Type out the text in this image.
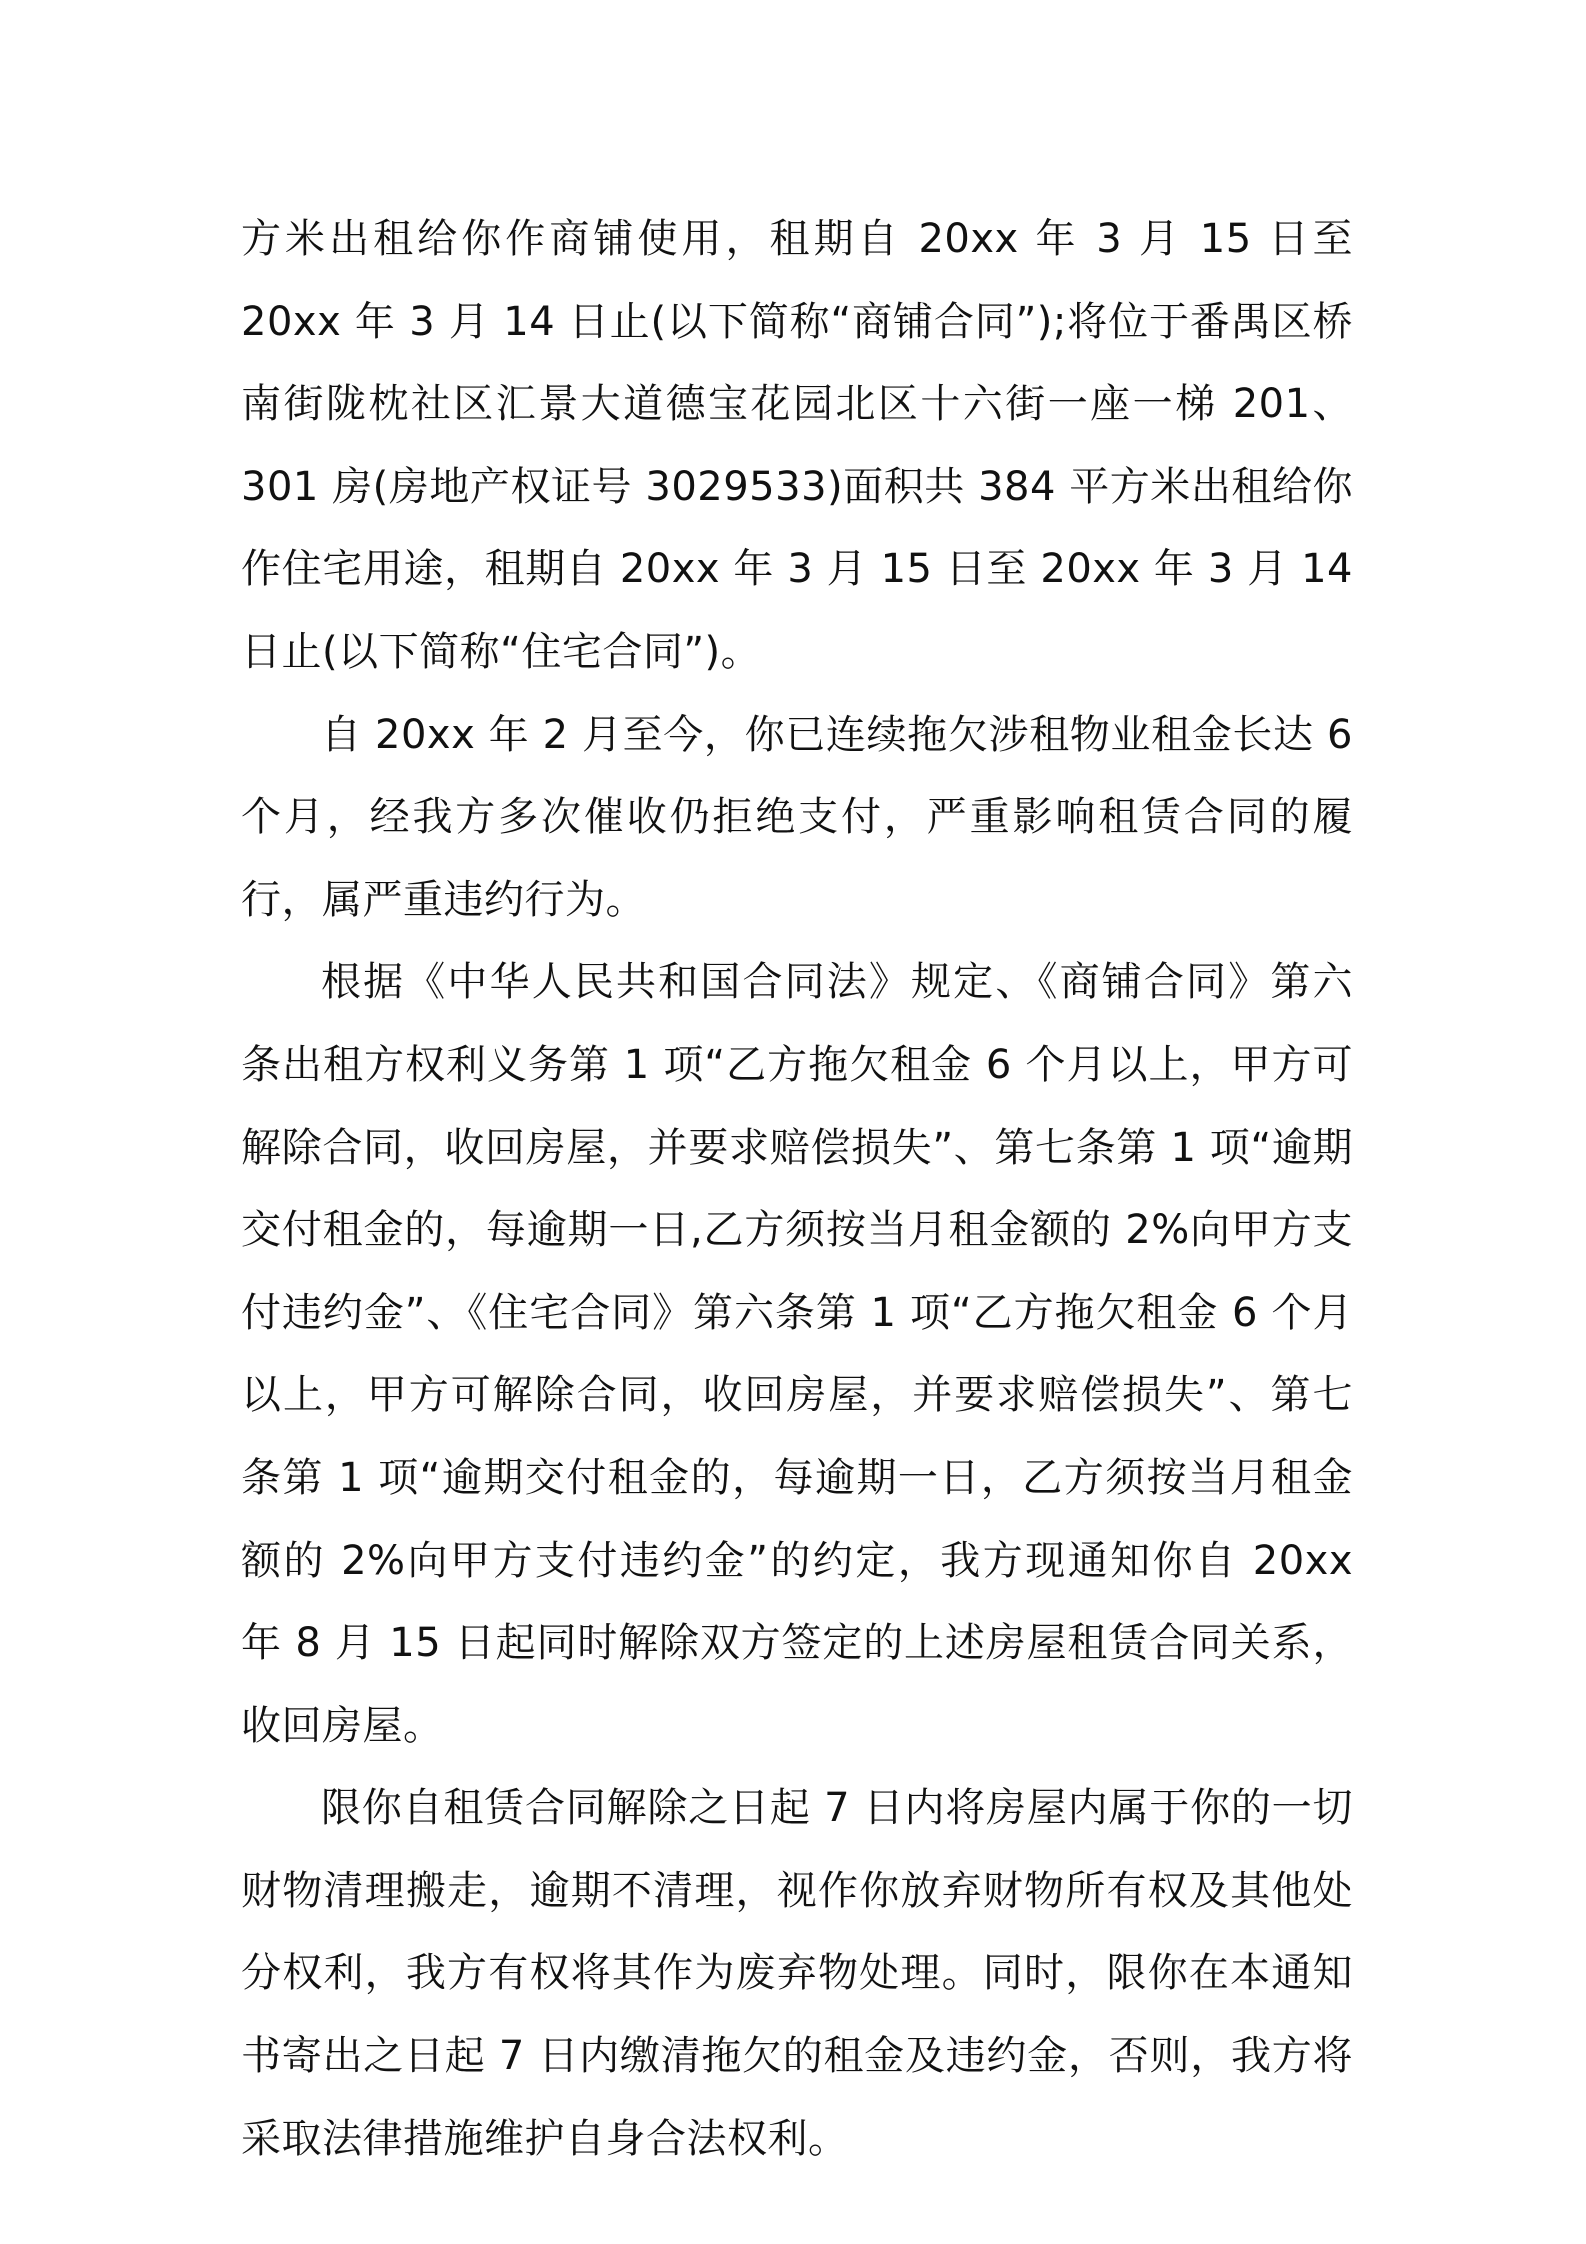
方米出租给你作商铺使用，租期自 20xx 年 3 月 15 日至 20xx 年 3 月 14 日止(以下简称“商铺合同”);将位于番禺区桥南街陇枕社区汇景大道德宝花园北区十六街一座一梯 201、301 房(房地产权证号 3029533)面积共 384 平方米出租给你作住宅用途，租期自 20xx 年 3 月 15 日至 20xx 年 3 月 14 日止(以下简称“住宅合同”)。

自 20xx 年 2 月至今，你已连续拖欠涉租物业租金长达 6 个月，经我方多次催收仍拒绝支付，严重影响租赁合同的履行，属严重违约行为。

根据《中华人民共和国合同法》规定、《商铺合同》第六条出租方权利义务第 1 项“乙方拖欠租金 6 个月以上，甲方可解除合同，收回房屋，并要求赔偿损失”、第七条第 1 项“逾期交付租金的，每逾期一日,乙方须按当月租金额的 2%向甲方支付违约金”、《住宅合同》第六条第 1 项“乙方拖欠租金 6 个月以上，甲方可解除合同，收回房屋，并要求赔偿损失”、第七条第 1 项“逾期交付租金的，每逾期一日，乙方须按当月租金额的 2%向甲方支付违约金”的约定，我方现通知你自 20xx 年 8 月 15 日起同时解除双方签定的上述房屋租赁合同关系，收回房屋。

限你自租赁合同解除之日起 7 日内将房屋内属于你的一切财物清理搬走，逾期不清理，视作你放弃财物所有权及其他处分权利，我方有权将其作为废弃物处理。同时，限你在本通知书寄出之日起 7 日内缴清拖欠的租金及违约金，否则，我方将采取法律措施维护自身合法权利。
